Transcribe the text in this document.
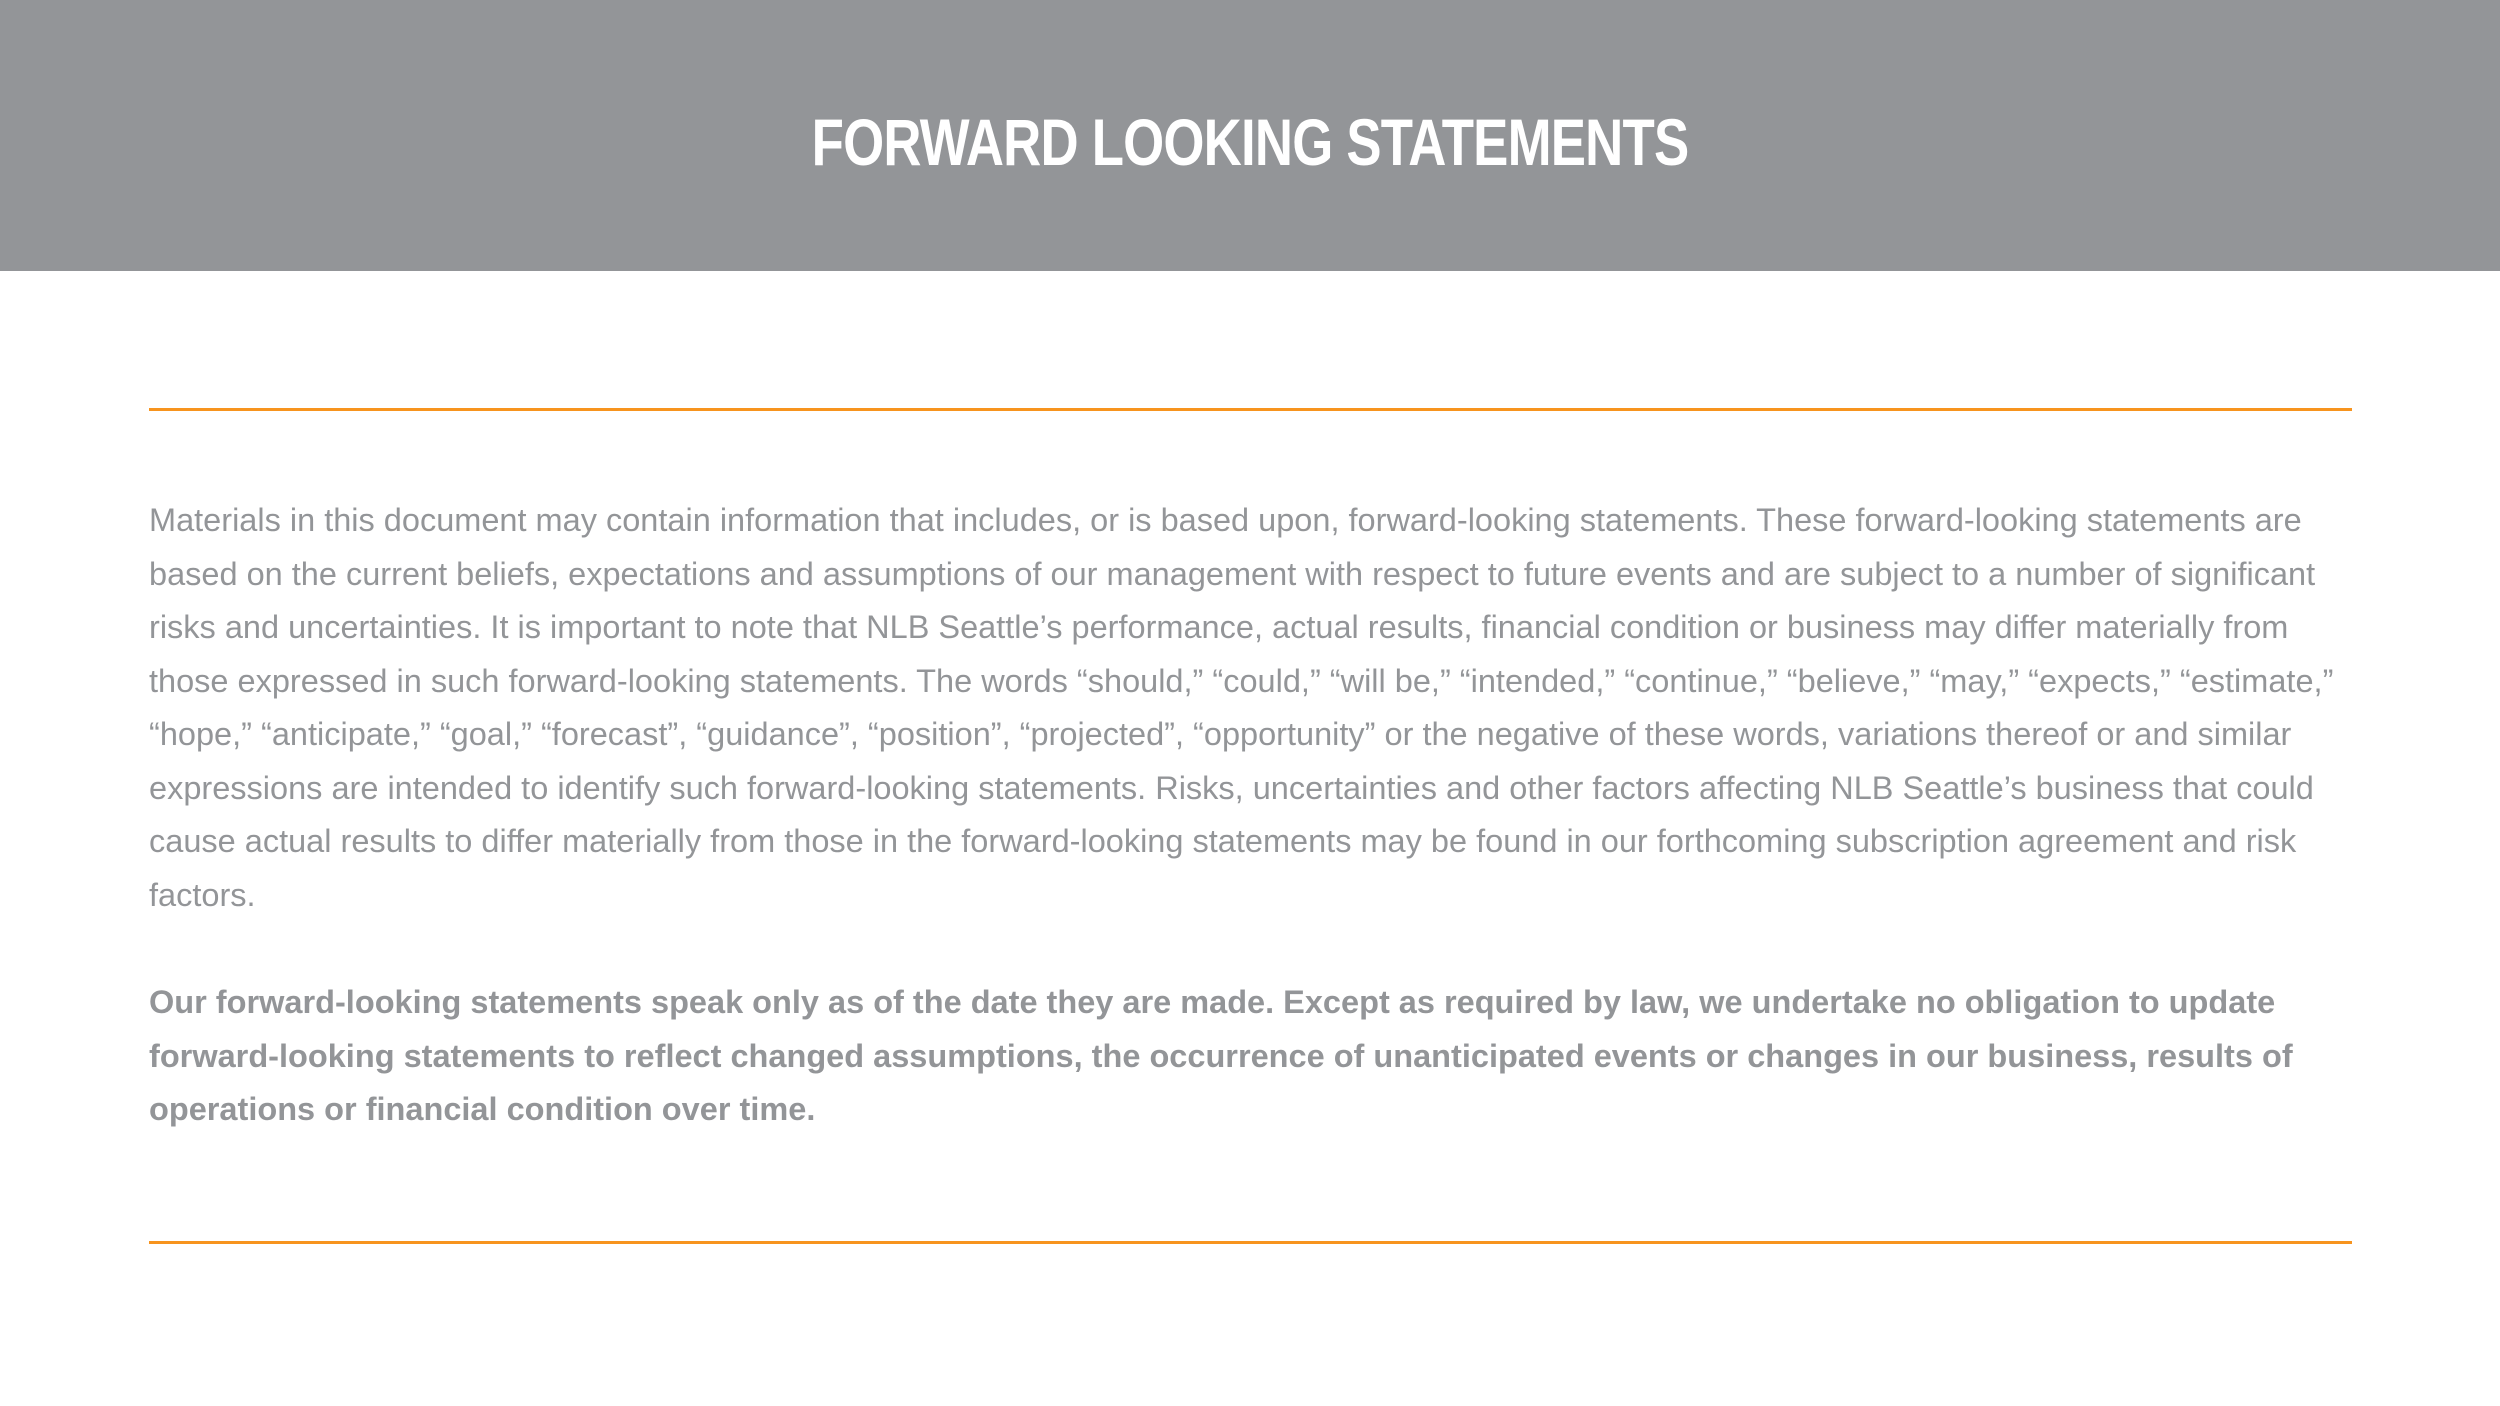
FORWARD LOOKING STATEMENTS

Materials in this document may contain information that includes, or is based upon, forward-looking statements. These forward-looking statements are based on the current beliefs, expectations and assumptions of our management with respect to future events and are subject to a number of significant risks and uncertainties. It is important to note that NLB Seattle’s performance, actual results, financial condition or business may differ materially from those expressed in such forward-looking statements. The words “should,” “could,” “will be,” “intended,” “continue,” “believe,” “may,” “expects,” “estimate,” “hope,” “anticipate,” “goal,” “forecast”, “guidance”, “position”, “projected”, “opportunity” or the negative of these words, variations thereof or and similar expressions are intended to identify such forward-looking statements. Risks, uncertainties and other factors affecting NLB Seattle’s business that could cause actual results to differ materially from those in the forward-looking statements may be found in our forthcoming subscription agreement and risk factors.

Our forward-looking statements speak only as of the date they are made. Except as required by law, we undertake no obligation to update forward-looking statements to reflect changed assumptions, the occurrence of unanticipated events or changes in our business, results of operations or financial condition over time.
